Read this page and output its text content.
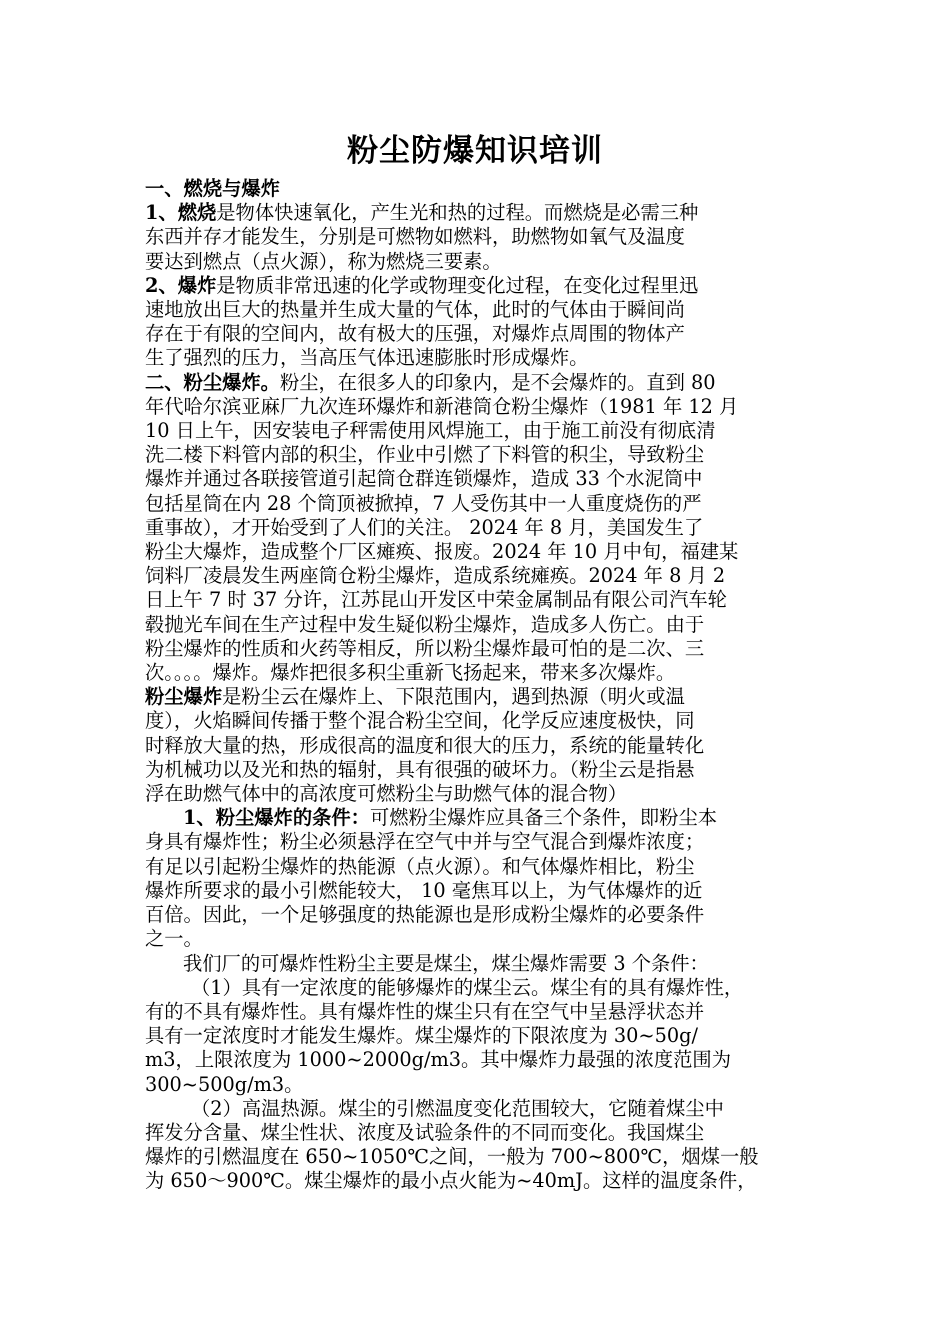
粉尘防爆知识培训

一、燃烧与爆炸

1、燃烧是物体快速氧化，产生光和热的过程。而燃烧是必需三种

东西并存才能发生，分别是可燃物如燃料，助燃物如氧气及温度

要达到燃点（点火源），称为燃烧三要素。

2、爆炸是物质非常迅速的化学或物理变化过程，在变化过程里迅

速地放出巨大的热量并生成大量的气体，此时的气体由于瞬间尚

存在于有限的空间内，故有极大的压强，对爆炸点周围的物体产

生了强烈的压力，当高压气体迅速膨胀时形成爆炸。

二、粉尘爆炸。粉尘，在很多人的印象内，是不会爆炸的。直到 80

年代哈尔滨亚麻厂九次连环爆炸和新港筒仓粉尘爆炸（1981 年 12 月

10 日上午，因安装电子秤需使用风焊施工，由于施工前没有彻底清

洗二楼下料管内部的积尘，作业中引燃了下料管的积尘，导致粉尘

爆炸并通过各联接管道引起筒仓群连锁爆炸，造成 33 个水泥筒中

包括星筒在内 28 个筒顶被掀掉，7 人受伤其中一人重度烧伤的严

重事故），才开始受到了人们的关注。 2024 年 8 月，美国发生了

粉尘大爆炸，造成整个厂区瘫痪、报废。2024 年 10 月中旬，福建某

饲料厂凌晨发生两座筒仓粉尘爆炸，造成系统瘫痪。2024 年 8 月 2

日上午 7 时 37 分许，江苏昆山开发区中荣金属制品有限公司汽车轮

毂抛光车间在生产过程中发生疑似粉尘爆炸，造成多人伤亡。由于

粉尘爆炸的性质和火药等相反，所以粉尘爆炸最可怕的是二次、三

次。。。。爆炸。爆炸把很多积尘重新飞扬起来，带来多次爆炸。

粉尘爆炸是粉尘云在爆炸上、下限范围内，遇到热源（明火或温

度），火焰瞬间传播于整个混合粉尘空间，化学反应速度极快，同

时释放大量的热，形成很高的温度和很大的压力，系统的能量转化

为机械功以及光和热的辐射，具有很强的破坏力。（粉尘云是指悬

浮在助燃气体中的高浓度可燃粉尘与助燃气体的混合物）

1、粉尘爆炸的条件：可燃粉尘爆炸应具备三个条件，即粉尘本

身具有爆炸性；粉尘必须悬浮在空气中并与空气混合到爆炸浓度；

有足以引起粉尘爆炸的热能源（点火源）。和气体爆炸相比，粉尘

爆炸所要求的最小引燃能较大， 10 毫焦耳以上，为气体爆炸的近

百倍。因此，一个足够强度的热能源也是形成粉尘爆炸的必要条件

之一。

我们厂的可爆炸性粉尘主要是煤尘，煤尘爆炸需要 3 个条件：

（1）具有一定浓度的能够爆炸的煤尘云。煤尘有的具有爆炸性，

有的不具有爆炸性。具有爆炸性的煤尘只有在空气中呈悬浮状态并

具有一定浓度时才能发生爆炸。煤尘爆炸的下限浓度为 30~50g/

m3，上限浓度为 1000~2000g/m3。其中爆炸力最强的浓度范围为

300~500g/m3。

（2）高温热源。煤尘的引燃温度变化范围较大，它随着煤尘中

挥发分含量、煤尘性状、浓度及试验条件的不同而变化。我国煤尘

爆炸的引燃温度在 650~1050℃之间，一般为 700~800℃，烟煤一般

为 650～900℃。煤尘爆炸的最小点火能为~40mJ。这样的温度条件，
